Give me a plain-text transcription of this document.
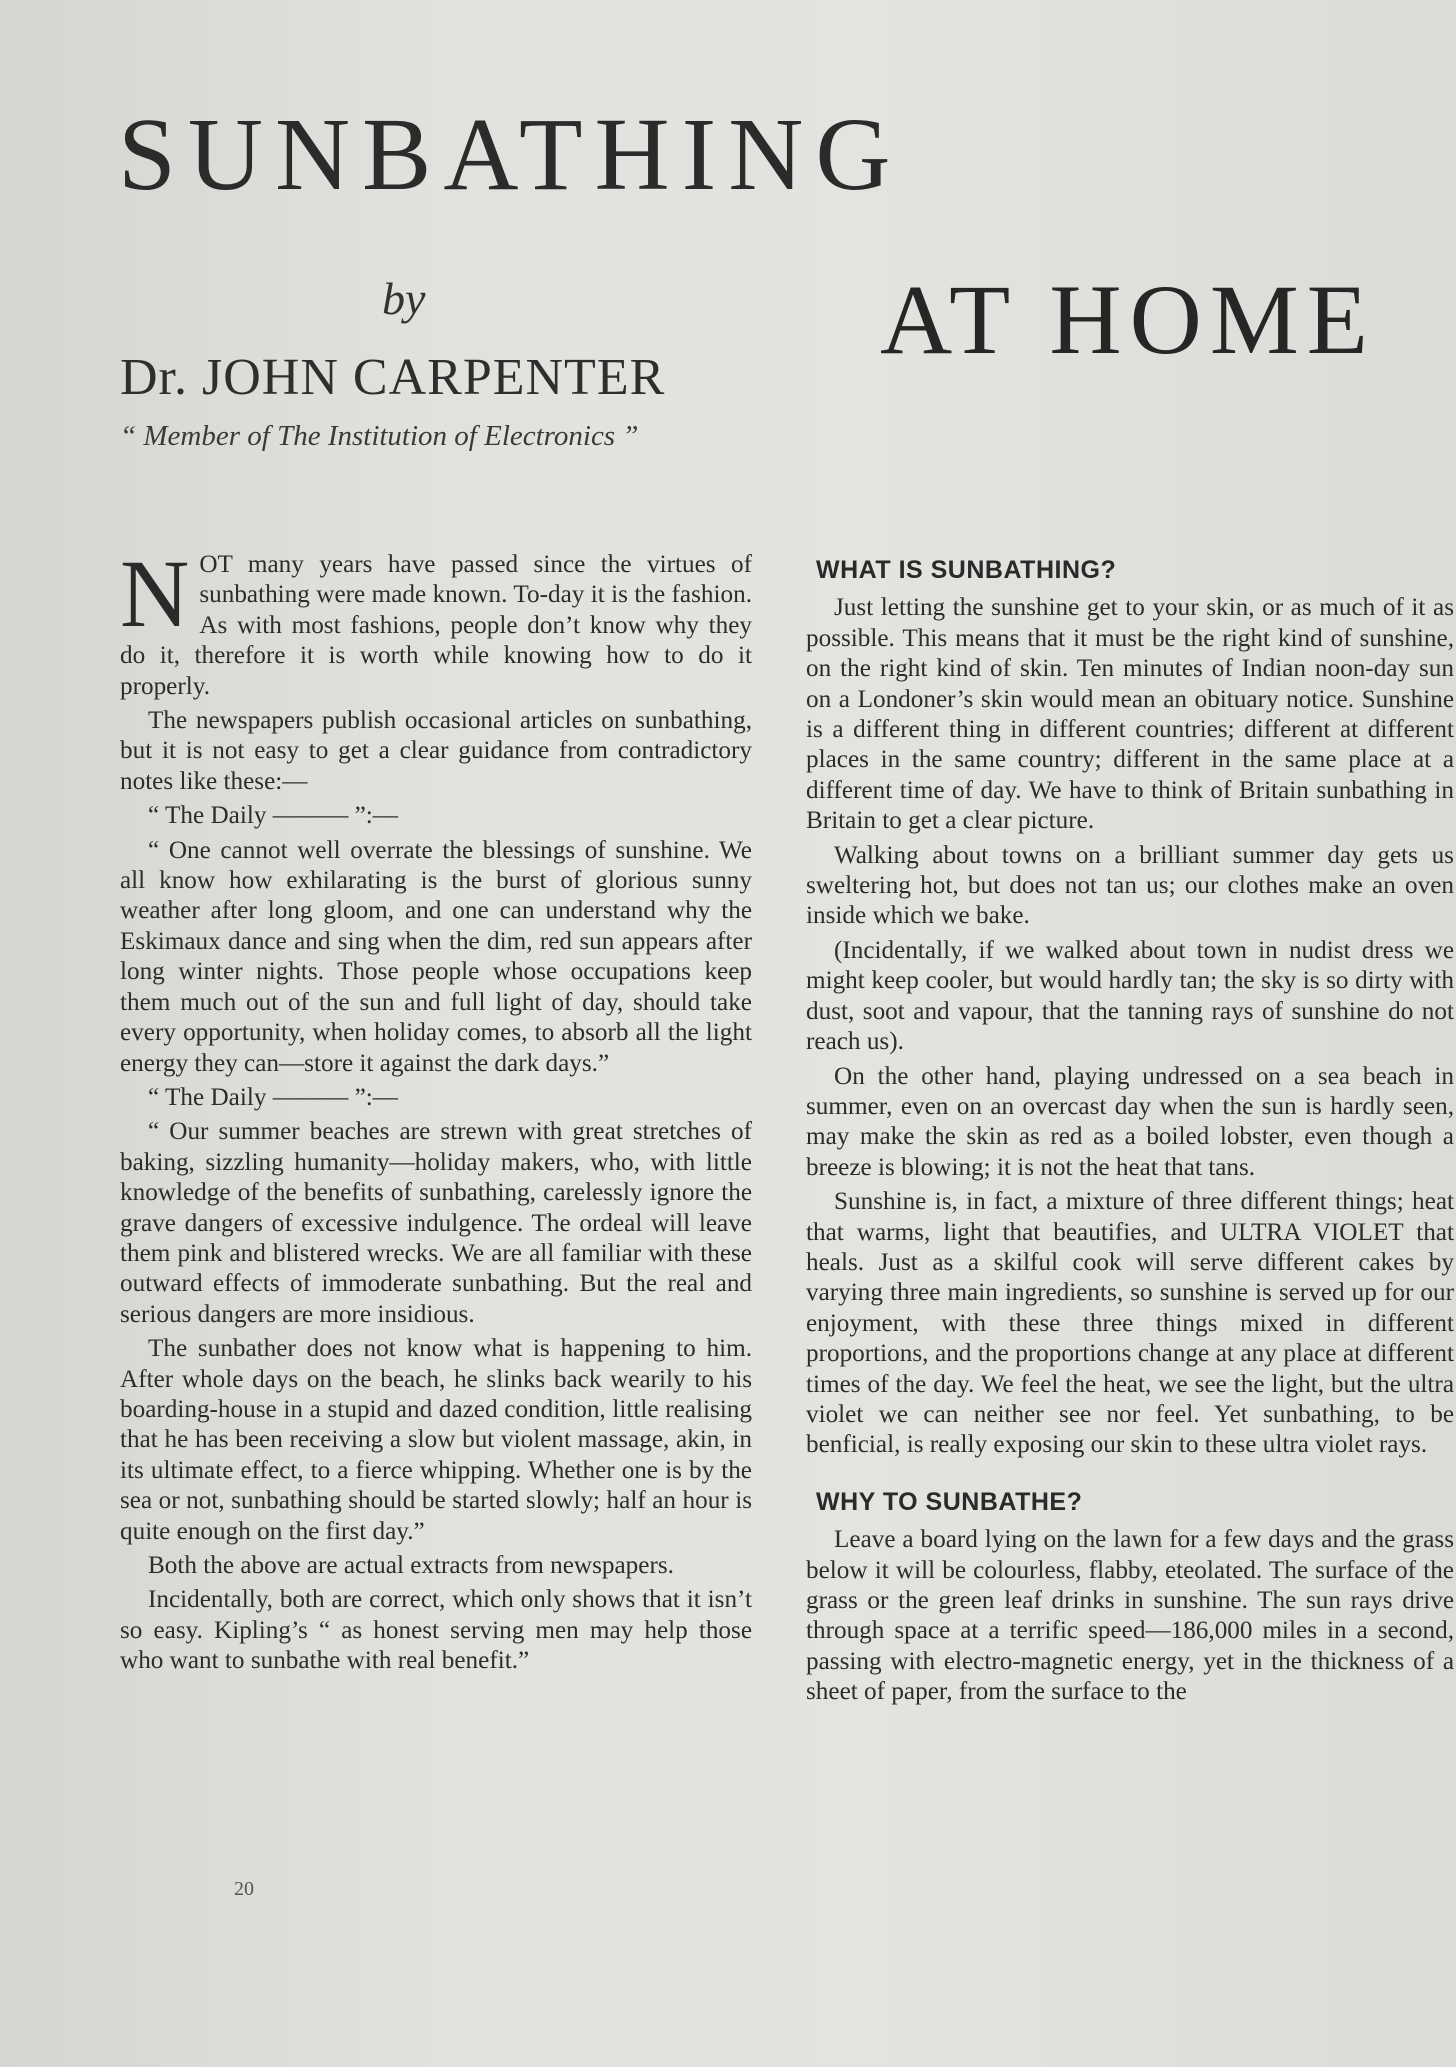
SUNBATHING
by	AT HOME
Dr. JOHN CARPENTER
“ Member of The Institution of Electronics ”

NOT many years have passed since the virtues of sunbathing were made known. To-day it is the fashion. As with most fashions, people don’t know why they do it, therefore it is worth while knowing how to do it properly.

The newspapers publish occasional articles on sunbathing, but it is not easy to get a clear guidance from contradictory notes like these:—

“ The Daily ——— ”:—

“ One cannot well overrate the blessings of sunshine. We all know how exhilarating is the burst of glorious sunny weather after long gloom, and one can understand why the Eskimaux dance and sing when the dim, red sun appears after long winter nights. Those people whose occupations keep them much out of the sun and full light of day, should take every opportunity, when holiday comes, to absorb all the light energy they can—store it against the dark days.”

“ The Daily ——— ”:—

“ Our summer beaches are strewn with great stretches of baking, sizzling humanity—holiday makers, who, with little knowledge of the benefits of sunbathing, carelessly ignore the grave dangers of excessive indulgence. The ordeal will leave them pink and blistered wrecks. We are all familiar with these outward effects of immoderate sunbathing. But the real and serious dangers are more insidious.

The sunbather does not know what is happening to him. After whole days on the beach, he slinks back wearily to his boarding-house in a stupid and dazed condition, little realising that he has been receiving a slow but violent massage, akin, in its ultimate effect, to a fierce whipping. Whether one is by the sea or not, sunbathing should be started slowly; half an hour is quite enough on the first day.”

Both the above are actual extracts from newspapers.

Incidentally, both are correct, which only shows that it isn’t so easy. Kipling’s “ as honest serving men may help those who want to sunbathe with real benefit.”

20
WHAT IS SUNBATHING?

Just letting the sunshine get to your skin, or as much of it as possible. This means that it must be the right kind of sunshine, on the right kind of skin. Ten minutes of Indian noon-day sun on a Londoner’s skin would mean an obituary notice. Sunshine is a different thing in different countries; different at different places in the same country; different in the same place at a different time of day. We have to think of Britain sunbathing in Britain to get a clear picture.

Walking about towns on a brilliant summer day gets us sweltering hot, but does not tan us; our clothes make an oven inside which we bake.

(Incidentally, if we walked about town in nudist dress we might keep cooler, but would hardly tan; the sky is so dirty with dust, soot and vapour, that the tanning rays of sunshine do not reach us).

On the other hand, playing undressed on a sea beach in summer, even on an overcast day when the sun is hardly seen, may make the skin as red as a boiled lobster, even though a breeze is blowing; it is not the heat that tans.

Sunshine is, in fact, a mixture of three different things; heat that warms, light that beautifies, and ULTRA VIOLET that heals. Just as a skilful cook will serve different cakes by varying three main ingredients, so sunshine is served up for our enjoyment, with these three things mixed in different proportions, and the proportions change at any place at different times of the day. We feel the heat, we see the light, but the ultra violet we can neither see nor feel. Yet sunbathing, to be benficial, is really exposing our skin to these ultra violet rays.

WHY TO SUNBATHE?

Leave a board lying on the lawn for a few days and the grass below it will be colourless, flabby, eteolated. The surface of the grass or the green leaf drinks in sunshine. The sun rays drive through space at a terrific speed—186,000 miles in a second, passing with electro-magnetic energy, yet in the thickness of a sheet of paper, from the surface to the
